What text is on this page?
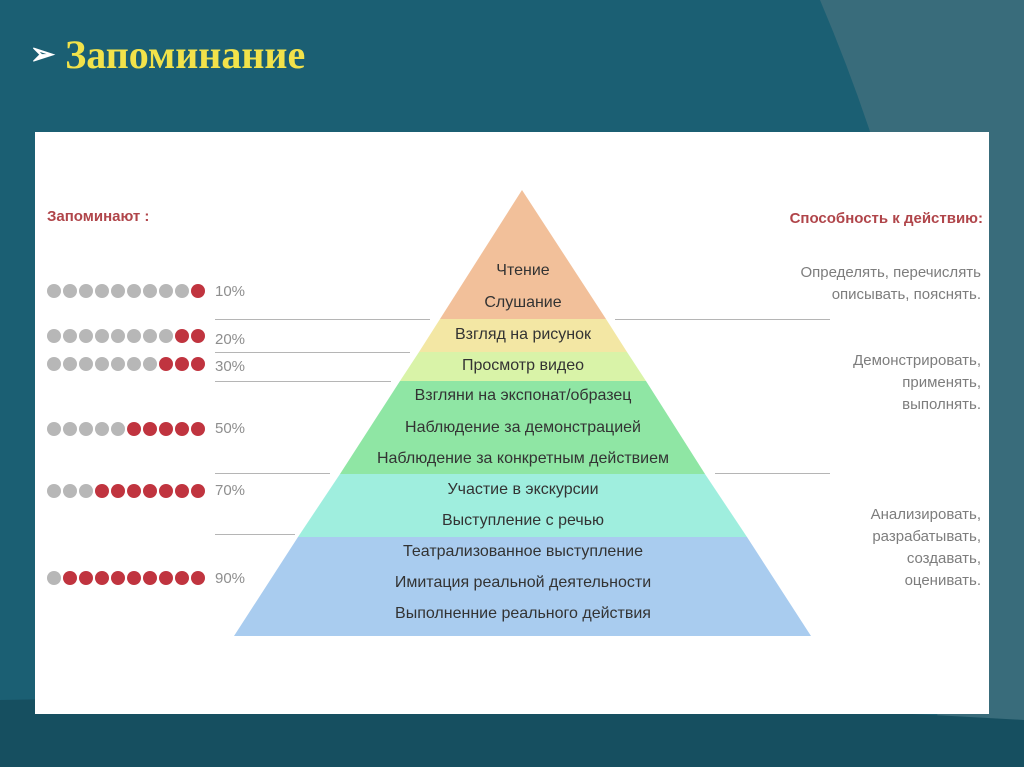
➢ Запоминание
Запоминают :	Способность к действию:
10%
20%
30%
50%
70%
90%
Чтение
Слушание
Взгляд на рисунок
Просмотр видео
Взгляни на экспонат/образец
Наблюдение за демонстрацией
Наблюдение за конкретным действием
Участие в экскурсии
Выступление с речью
Театрализованное выступление
Имитация реальной деятельности
Выполненние реального действия
Определять, перечислять
описывать, пояснять.
Демонстрировать,
применять,
выполнять.
Анализировать,
разрабатывать,
создавать,
оценивать.
